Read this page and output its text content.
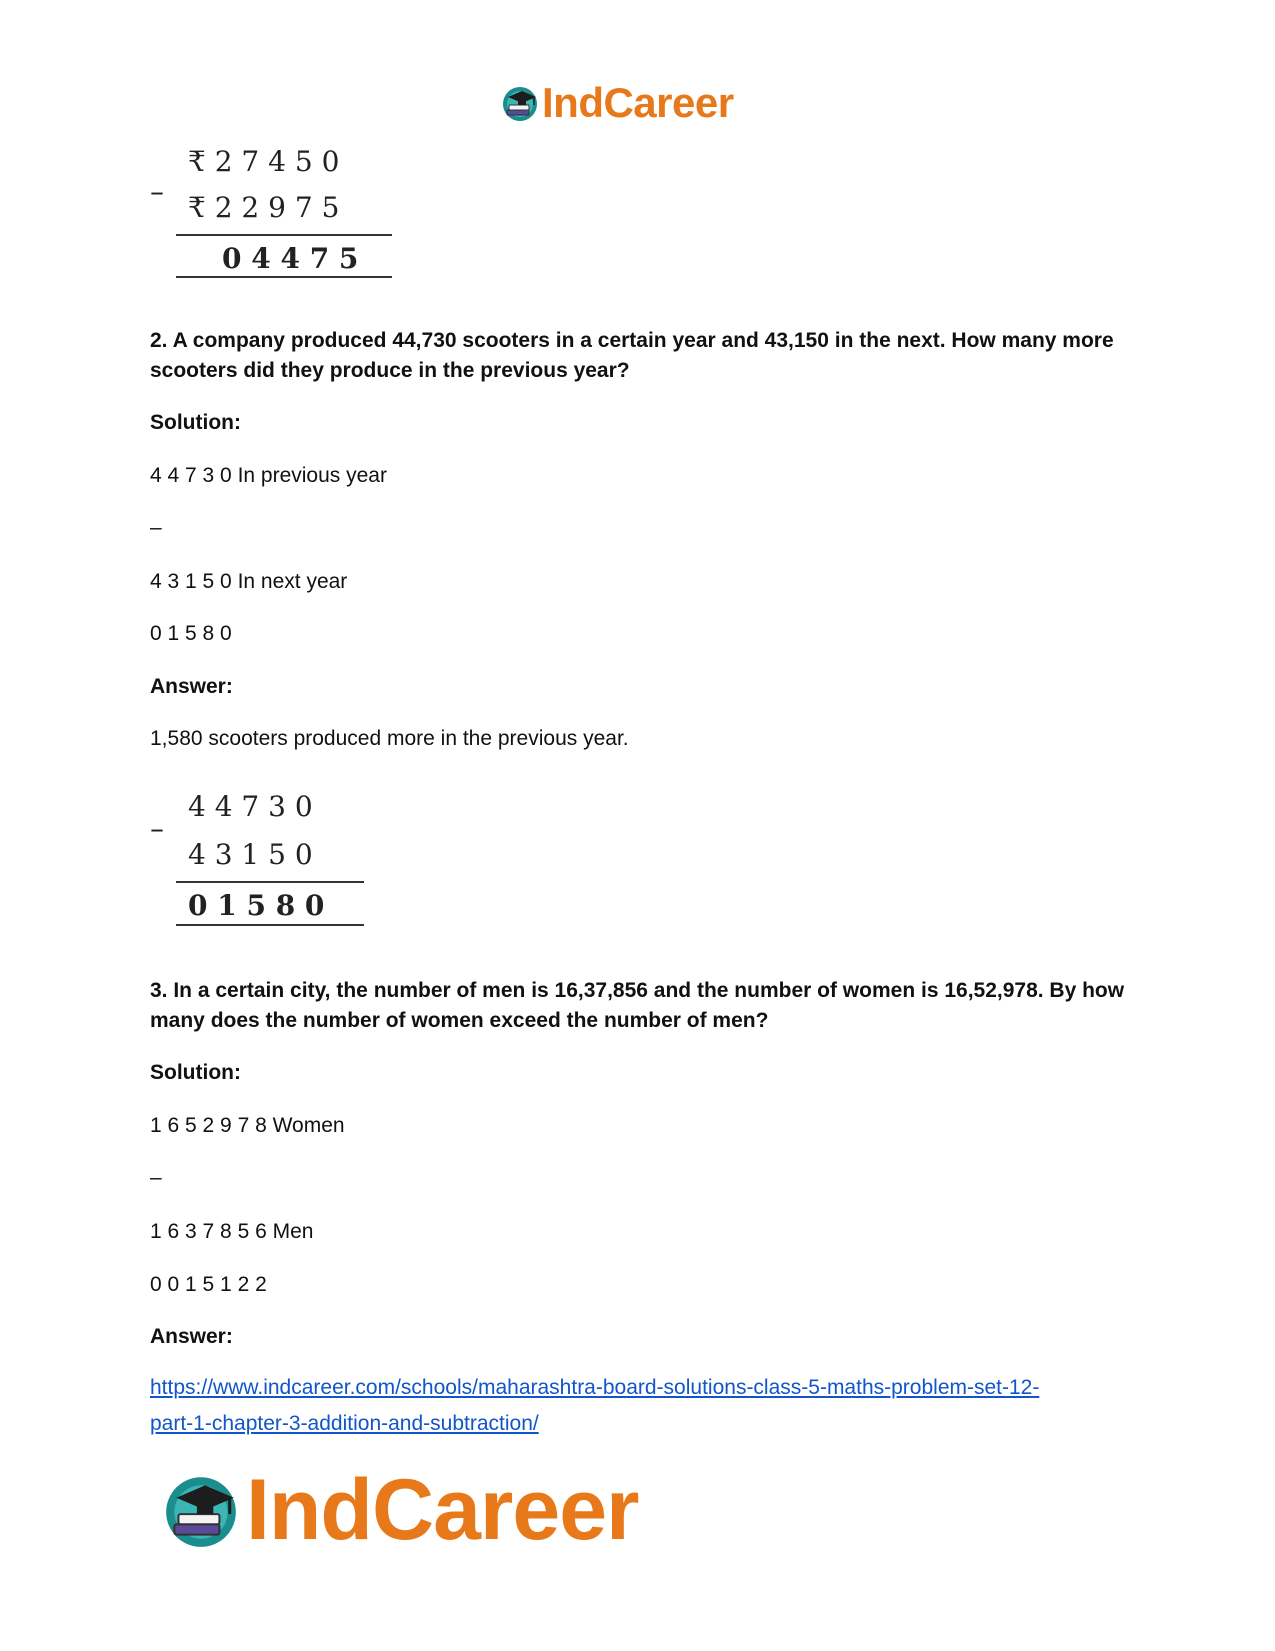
IndCareer
–
₹ 2 7 4 5 0
₹ 2 2 9 7 5
0 4 4 7 5
2. A company produced 44,730 scooters in a certain year and 43,150 in the next. How many more scooters did they produce in the previous year?
Solution:
4 4 7 3 0 In previous year
–
4 3 1 5 0 In next year
0 1 5 8 0
Answer:
1,580 scooters produced more in the previous year.
–
4 4 7 3 0
4 3 1 5 0
0 1 5 8 0
3. In a certain city, the number of men is 16,37,856 and the number of women is 16,52,978. By how many does the number of women exceed the number of men?
Solution:
1 6 5 2 9 7 8 Women
–
1 6 3 7 8 5 6 Men
0 0 1 5 1 2 2
Answer:
https://www.indcareer.com/schools/maharashtra-board-solutions-class-5-maths-problem-set-12-
part-1-chapter-3-addition-and-subtraction/
IndCareer
